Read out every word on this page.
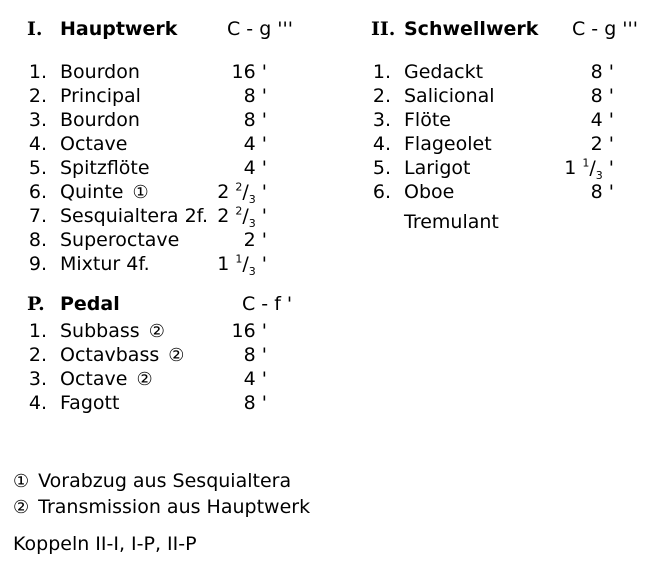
I. Hauptwerk	C - g '''
1. Bourdon	16 '
2. Principal	8 '
3. Bourdon	8 '
4. Octave	4 '
5. Spitzflöte	4 '
6. Quinte ①	2 $^2/_3$ '
7. Sesquialtera 2f. 2 $^2/_3$ '
8. Superoctave	2 '
9. Mixtur 4f.	1 $^1/_3$ '
II. Schwellwerk C - g '''
1. Gedackt	8 '
2. Salicional	8 '
3. Flöte	4 '
4. Flageolet	2 '
5. Larigot	1 $^1/_3$ '
6. Oboe	8 '
Tremulant
P. Pedal	C - f '
1. Subbass ②	16 '
2. Octavbass ②	8 '
3. Octave ②	4 '
4. Fagott	8 '
① Vorabzug aus Sesquialtera
② Transmission aus Hauptwerk
Koppeln II-I, I-P, II-P
